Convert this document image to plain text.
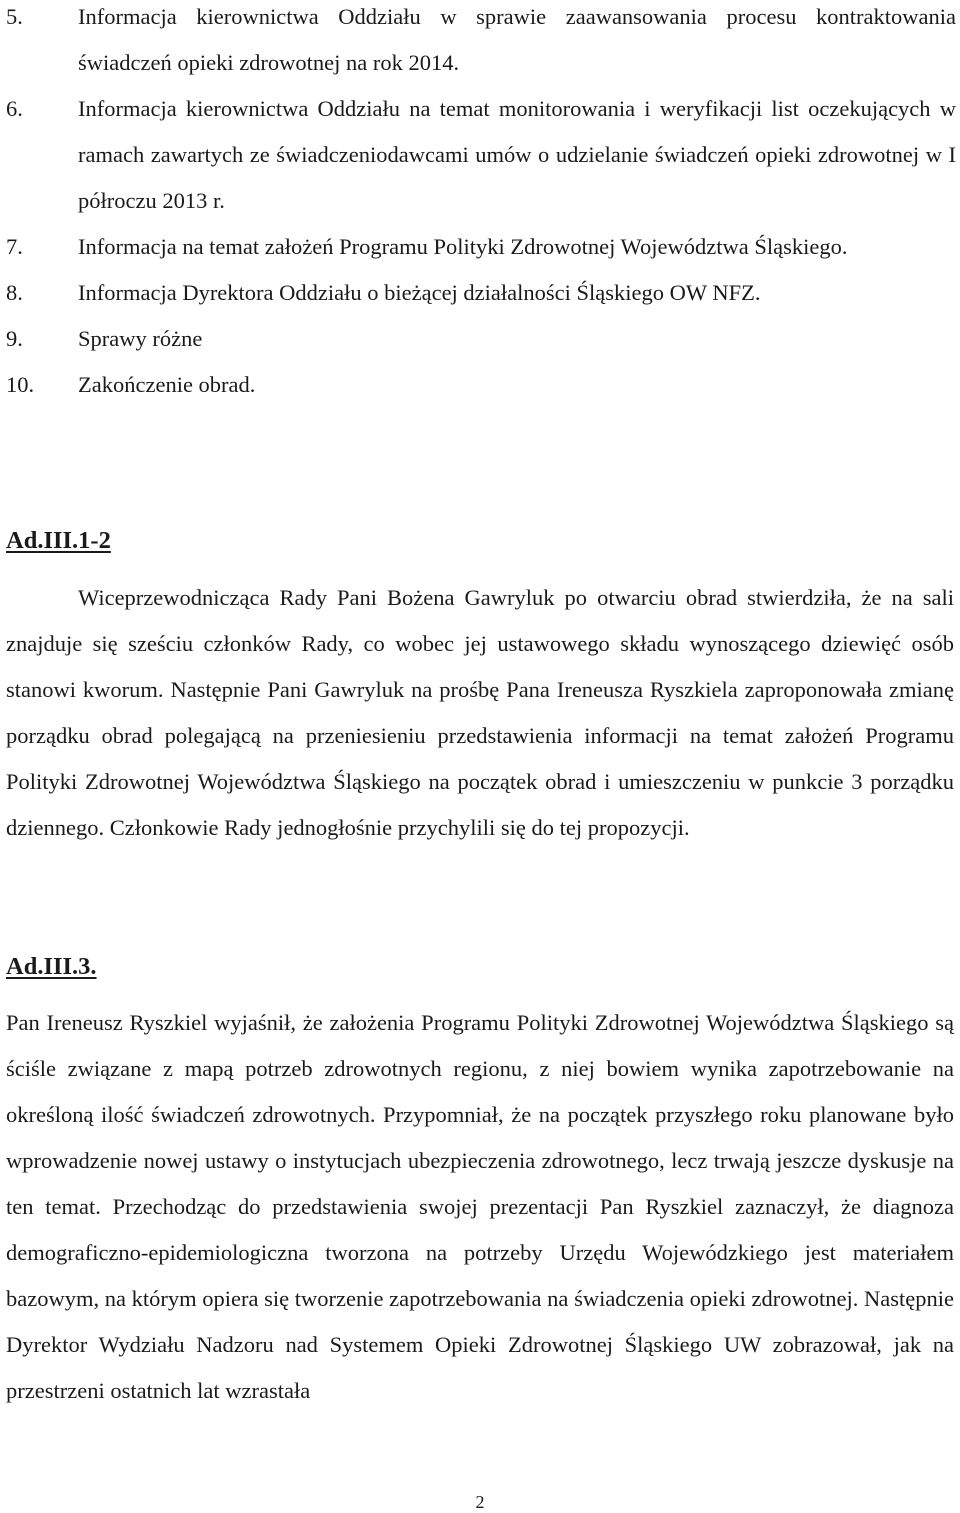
5. Informacja kierownictwa Oddziału w sprawie zaawansowania procesu kontraktowania świadczeń opieki zdrowotnej na rok 2014.
6. Informacja kierownictwa Oddziału na temat monitorowania i weryfikacji list oczekujących w ramach zawartych ze świadczeniodawcami umów o udzielanie świadczeń opieki zdrowotnej w I półroczu 2013 r.
7. Informacja na temat założeń Programu Polityki Zdrowotnej Województwa Śląskiego.
8. Informacja Dyrektora Oddziału o bieżącej działalności Śląskiego OW NFZ.
9. Sprawy różne
10. Zakończenie obrad.
Ad.III.1-2

Wiceprzewodnicząca Rady Pani Bożena Gawryluk po otwarciu obrad stwierdziła, że na sali znajduje się sześciu członków Rady, co wobec jej ustawowego składu wynoszącego dziewięć osób stanowi kworum. Następnie Pani Gawryluk na prośbę Pana Ireneusza Ryszkiela zaproponowała zmianę porządku obrad polegającą na przeniesieniu przedstawienia informacji na temat założeń Programu Polityki Zdrowotnej Województwa Śląskiego na początek obrad i umieszczeniu w punkcie 3 porządku dziennego. Członkowie Rady jednogłośnie przychylili się do tej propozycji.

Ad.III.3.

Pan Ireneusz Ryszkiel wyjaśnił, że założenia Programu Polityki Zdrowotnej Województwa Śląskiego są ściśle związane z mapą potrzeb zdrowotnych regionu, z niej bowiem wynika zapotrzebowanie na określoną ilość świadczeń zdrowotnych. Przypomniał, że na początek przyszłego roku planowane było wprowadzenie nowej ustawy o instytucjach ubezpieczenia zdrowotnego, lecz trwają jeszcze dyskusje na ten temat. Przechodząc do przedstawienia swojej prezentacji Pan Ryszkiel zaznaczył, że diagnoza demograficzno-epidemiologiczna tworzona na potrzeby Urzędu Wojewódzkiego jest materiałem bazowym, na którym opiera się tworzenie zapotrzebowania na świadczenia opieki zdrowotnej. Następnie Dyrektor Wydziału Nadzoru nad Systemem Opieki Zdrowotnej Śląskiego UW zobrazował, jak na przestrzeni ostatnich lat wzrastała

2
